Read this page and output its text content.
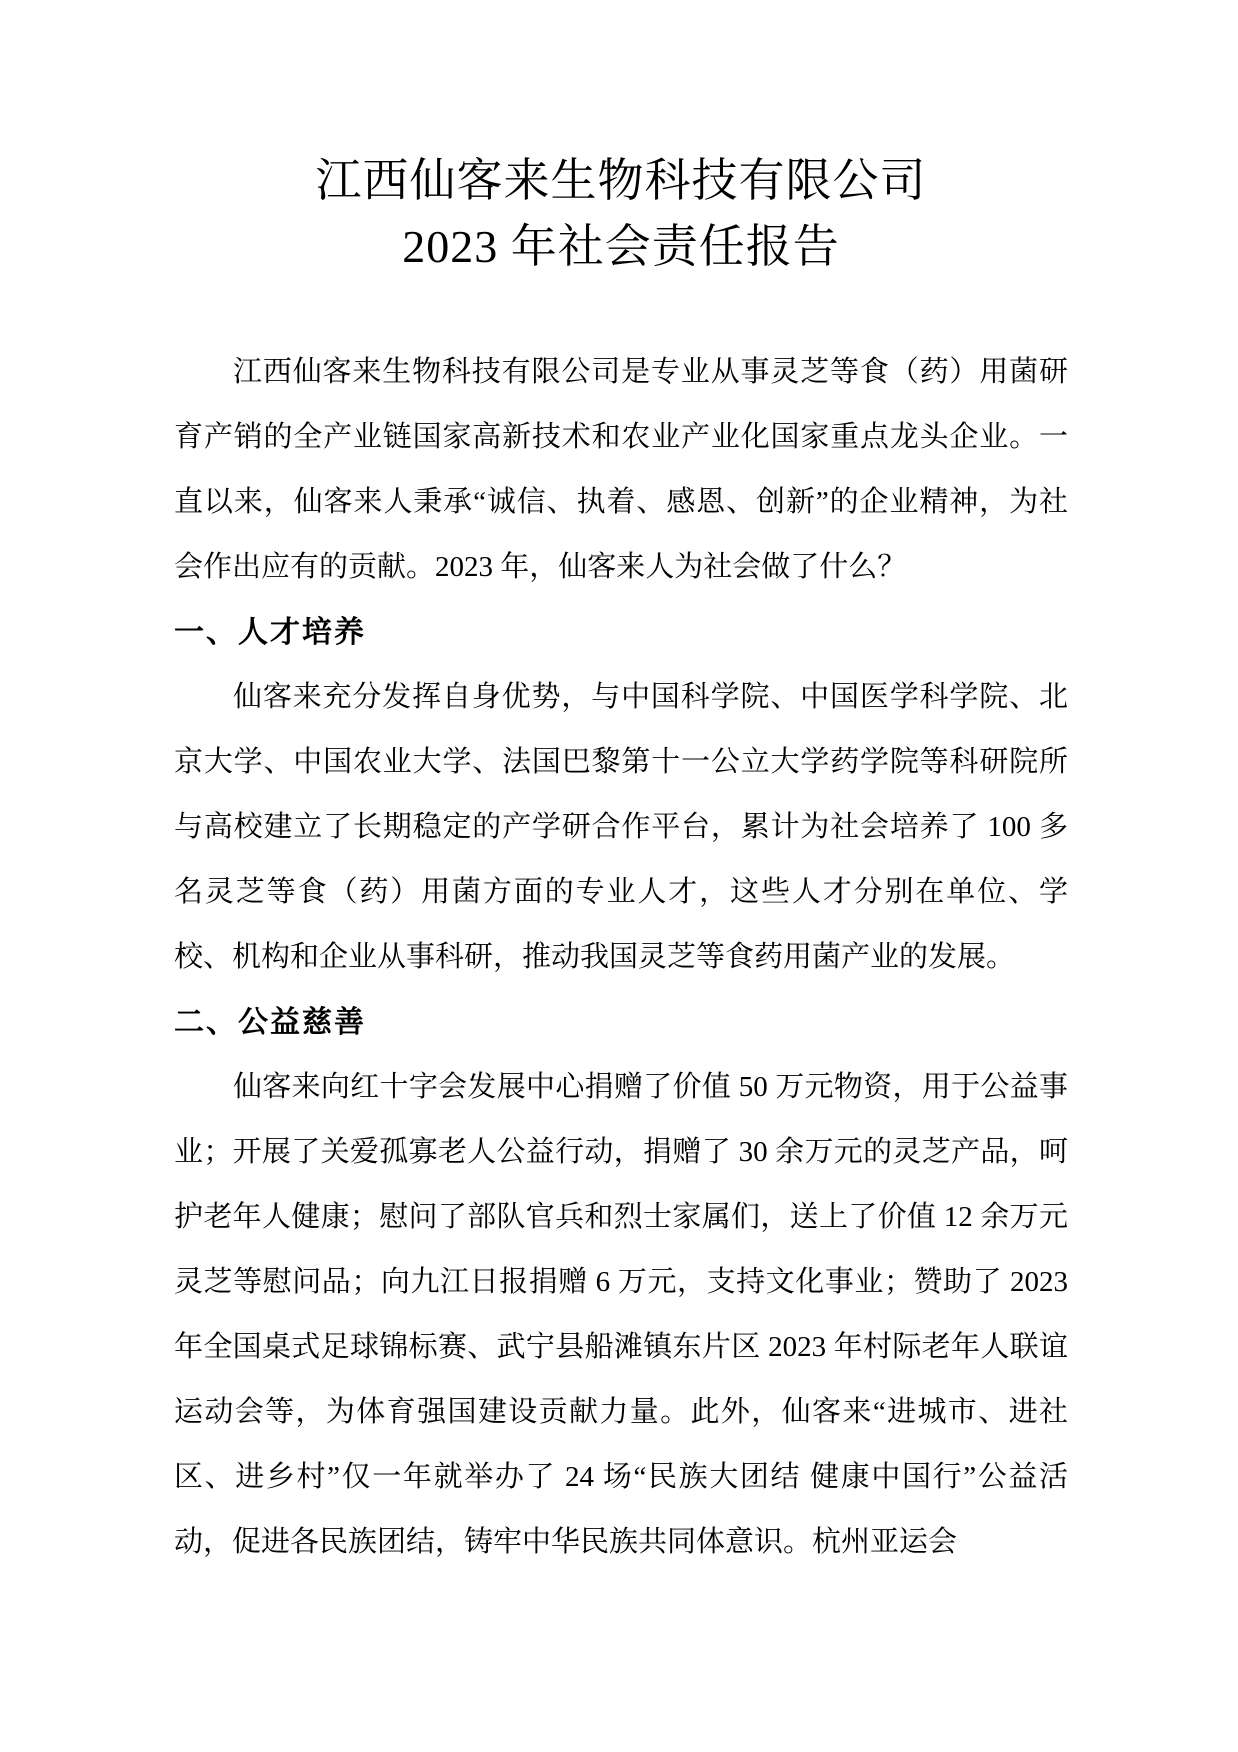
江西仙客来生物科技有限公司
2023 年社会责任报告

江西仙客来生物科技有限公司是专业从事灵芝等食（药）用菌研育产销的全产业链国家高新技术和农业产业化国家重点龙头企业。一直以来，仙客来人秉承“诚信、执着、感恩、创新”的企业精神，为社会作出应有的贡献。2023 年，仙客来人为社会做了什么？

一、人才培养

仙客来充分发挥自身优势，与中国科学院、中国医学科学院、北京大学、中国农业大学、法国巴黎第十一公立大学药学院等科研院所与高校建立了长期稳定的产学研合作平台，累计为社会培养了 100 多名灵芝等食（药）用菌方面的专业人才，这些人才分别在单位、学校、机构和企业从事科研，推动我国灵芝等食药用菌产业的发展。

二、公益慈善

仙客来向红十字会发展中心捐赠了价值 50 万元物资，用于公益事业；开展了关爱孤寡老人公益行动，捐赠了 30 余万元的灵芝产品，呵护老年人健康；慰问了部队官兵和烈士家属们，送上了价值 12 余万元灵芝等慰问品；向九江日报捐赠 6 万元，支持文化事业；赞助了 2023 年全国桌式足球锦标赛、武宁县船滩镇东片区 2023 年村际老年人联谊运动会等，为体育强国建设贡献力量。此外，仙客来“进城市、进社区、进乡村”仅一年就举办了 24 场“民族大团结 健康中国行”公益活动，促进各民族团结，铸牢中华民族共同体意识。杭州亚运会
